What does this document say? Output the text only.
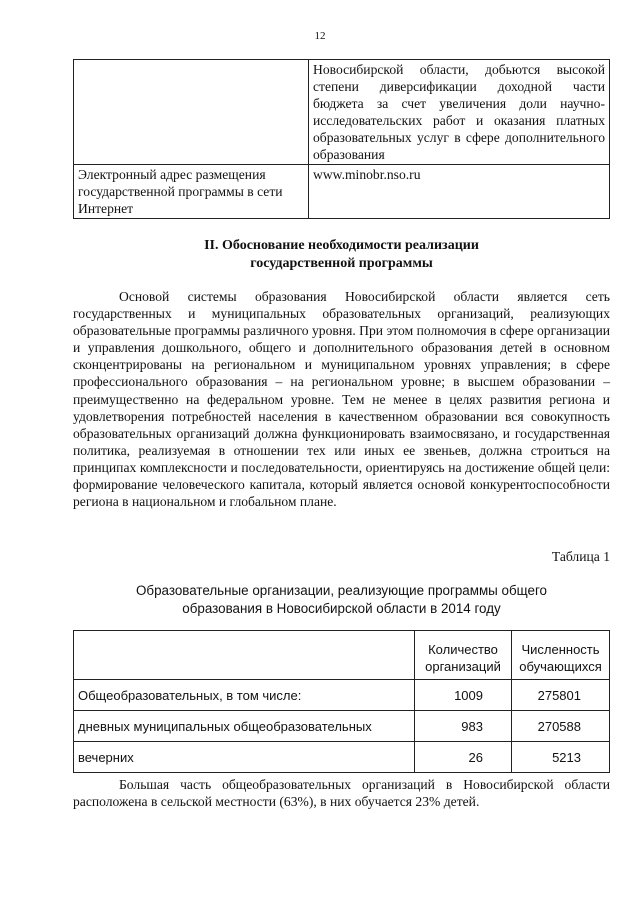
12
	Новосибирской области, добьются высокой степени диверсификации доходной части бюджета за счет увеличения доли научно-исследовательских работ и оказания платных образовательных услуг в сфере дополнительного образования
Электронный адрес размещения государственной программы в сети Интернет	www.minobr.nso.ru
II. Обоснование необходимости реализации
государственной программы

Основой системы образования Новосибирской области является сеть государственных и муниципальных образовательных организаций, реализующих образовательные программы различного уровня. При этом полномочия в сфере организации и управления дошкольного, общего и дополнительного образования детей в основном сконцентрированы на региональном и муниципальном уровнях управления; в сфере профессионального образования – на региональном уровне; в высшем образовании – преимущественно на федеральном уровне. Тем не менее в целях развития региона и удовлетворения потребностей населения в качественном образовании вся совокупность образовательных организаций должна функционировать взаимосвязано, и государственная политика, реализуемая в отношении тех или иных ее звеньев, должна строиться на принципах комплексности и последовательности, ориентируясь на достижение общей цели: формирование человеческого капитала, который является основой конкурентоспособности региона в национальном и глобальном плане.

Таблица 1
Образовательные организации, реализующие программы общего
образования в Новосибирской области в 2014 году
	Количество организаций	Численность обучающихся
Общеобразовательных, в том числе:	1009	275801
дневных муниципальных общеобразовательных	983	270588
вечерних	26	5213

Большая часть общеобразовательных организаций в Новосибирской области расположена в сельской местности (63%), в них обучается 23% детей.
